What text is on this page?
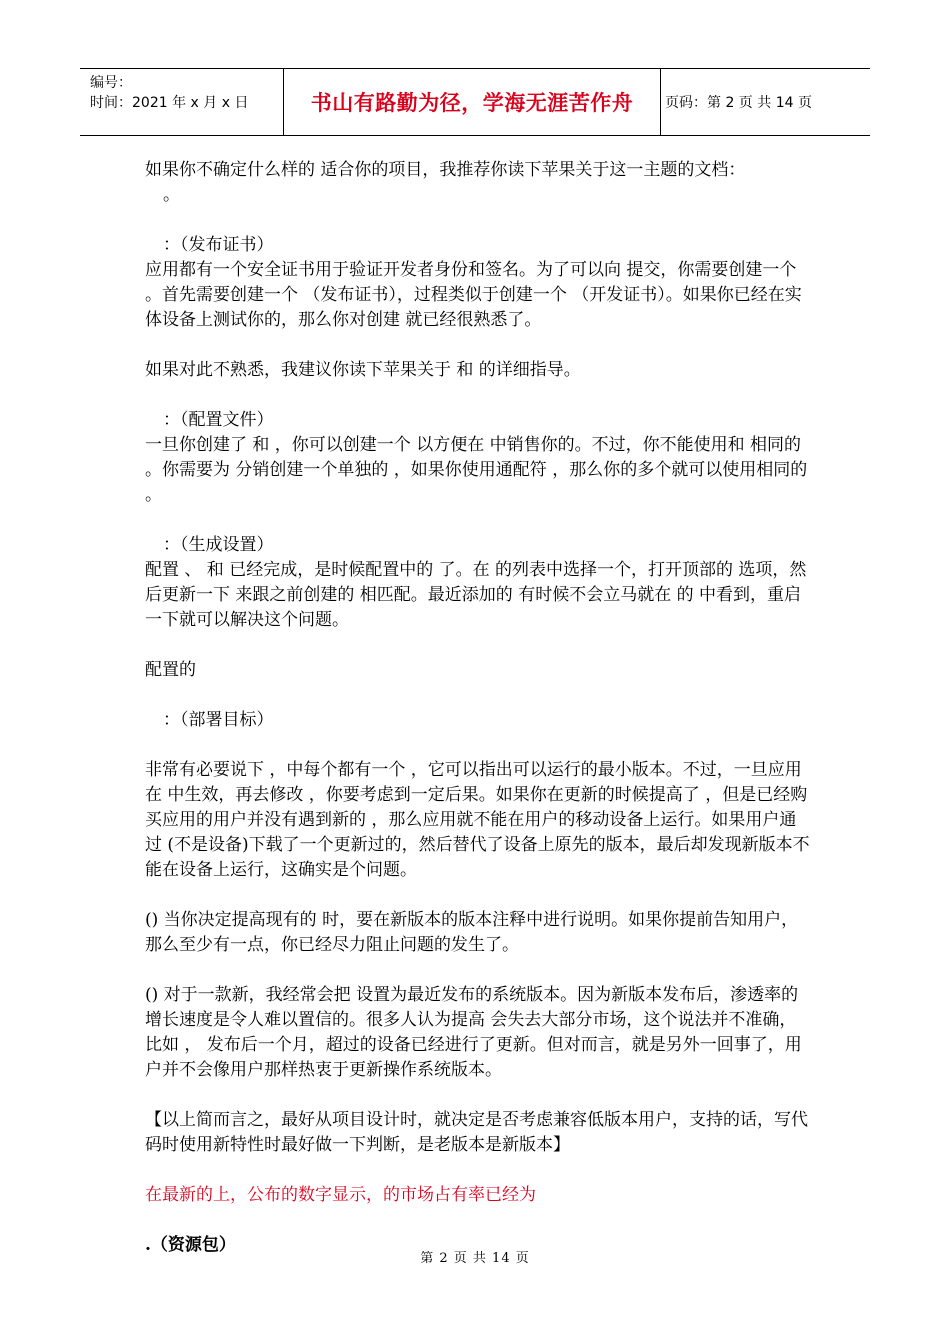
编号：
时间：2021 年 x 月 x 日	书山有路勤为径，学海无涯苦作舟 页码：第 2 页 共 14 页

如果你不确定什么样的 适合你的项目，我推荐你读下苹果关于这一主题的文档：

。

：（发布证书）

应用都有一个安全证书用于验证开发者身份和签名。为了可以向 提交，你需要创建一个 。首先需要创建一个 （发布证书），过程类似于创建一个 （开发证书）。如果你已经在实体设备上测试你的，那么你对创建 就已经很熟悉了。

如果对此不熟悉，我建议你读下苹果关于 和 的详细指导。

：（配置文件）

一旦你创建了 和 ，你可以创建一个 以方便在 中销售你的。不过，你不能使用和 相同的 。你需要为 分销创建一个单独的 ，如果你使用通配符 ，那么你的多个就可以使用相同的 。

：（生成设置）

配置 、 和 已经完成，是时候配置中的 了。在 的列表中选择一个，打开顶部的 选项，然后更新一下 来跟之前创建的 相匹配。最近添加的 有时候不会立马就在 的 中看到，重启一下就可以解决这个问题。

配置的

：（部署目标）

非常有必要说下 ，中每个都有一个 ，它可以指出可以运行的最小版本。不过，一旦应用在 中生效，再去修改 ，你要考虑到一定后果。如果你在更新的时候提高了 ，但是已经购买应用的用户并没有遇到新的 ，那么应用就不能在用户的移动设备上运行。如果用户通过 (不是设备)下载了一个更新过的，然后替代了设备上原先的版本，最后却发现新版本不能在设备上运行，这确实是个问题。

() 当你决定提高现有的 时，要在新版本的版本注释中进行说明。如果你提前告知用户，那么至少有一点，你已经尽力阻止问题的发生了。

() 对于一款新，我经常会把 设置为最近发布的系统版本。因为新版本发布后，渗透率的增长速度是令人难以置信的。很多人认为提高 会失去大部分市场，这个说法并不准确，比如 ， 发布后一个月，超过的设备已经进行了更新。但对而言，就是另外一回事了，用户并不会像用户那样热衷于更新操作系统版本。

【以上简而言之，最好从项目设计时，就决定是否考虑兼容低版本用户，支持的话，写代码时使用新特性时最好做一下判断，是老版本是新版本】

在最新的上，公布的数字显示，的市场占有率已经为

.（资源包）

第 2 页 共 14 页
